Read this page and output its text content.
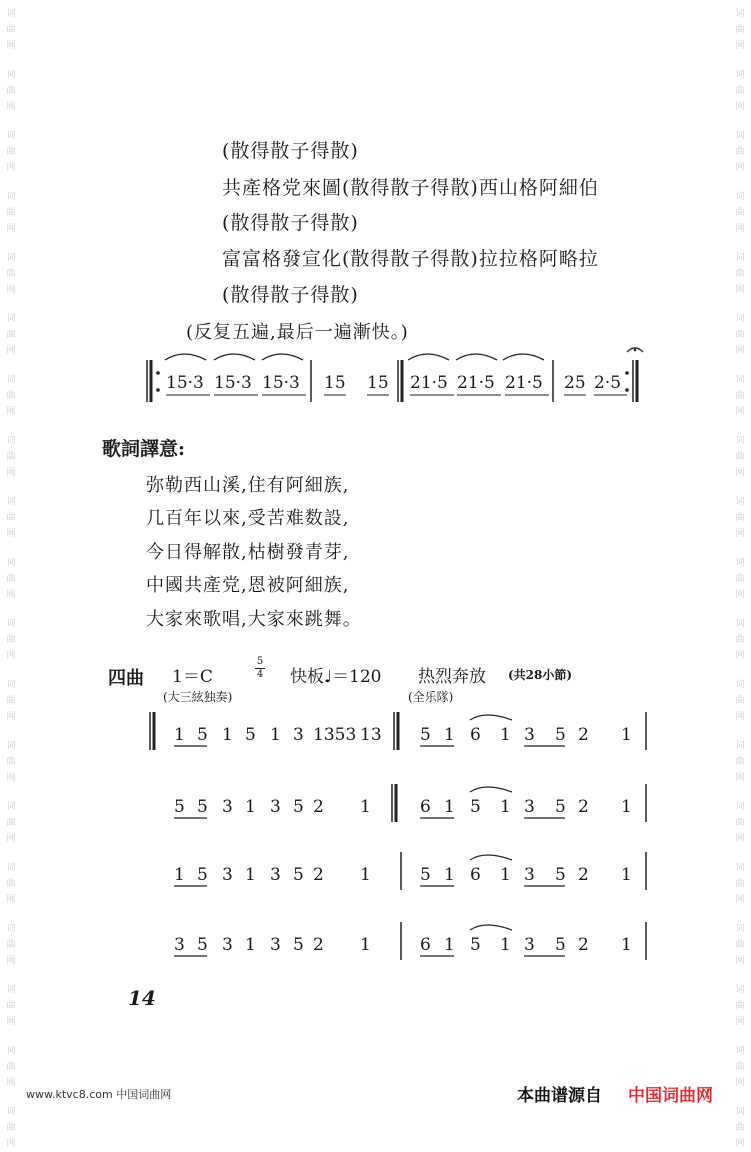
词
曲
网
词
曲
网
词
曲
网
词
曲
网
词
曲
网
词
曲
网
词
曲
网
词
曲
网
词
曲
网
词
曲
网
词
曲
网
词
曲
网
词
曲
网
词
曲
网
词
曲
网
词
曲
网
词
曲
网
词
曲
网
词
曲
网
词
曲
网
词
曲
网
词
曲
网
词
曲
网
词
曲
网
词
曲
网
词
曲
网
词
曲
网
词
曲
网
词
曲
网
词
曲
网
词
曲
网
词
曲
网
词
曲
网
词
曲
网
词
曲
网
词
曲
网
词
曲
网
词
曲
网
(散得散子得散)
共產格党來圖(散得散子得散)西山格阿細伯
(散得散子得散)
富富格發宣化(散得散子得散)拉拉格阿略拉
(散得散子得散)
(反复五遍,最后一遍漸快。)
15·3 15·3 15·3 15 15 21·5 21·5 21·5 25 2·5
歌詞譯意:
弥勒西山溪,住有阿細族,
几百年以來,受苦难数設,
今日得解散,枯樹發青芽,
中國共產党,恩被阿細族,
大家來歌唱,大家來跳舞。
四曲 1＝C
5
4 快板♩＝120 热烈奔放 (共28小節)
(大三絃独奏)	(全乐隊)
1 5 1 5 1 3 1353 13 5 1 6 1 3 5 2 1
5 5 3 1 3 5 2 1	6 1 5 1 3 5 2 1
1 5 3 1 3 5 2 1	5 1 6 1 3 5 2 1
3 5 3 1 3 5 2 1	6 1 5 1 3 5 2 1
14
www.ktvc8.com 中国词曲网	本曲谱源自 中国词曲网
